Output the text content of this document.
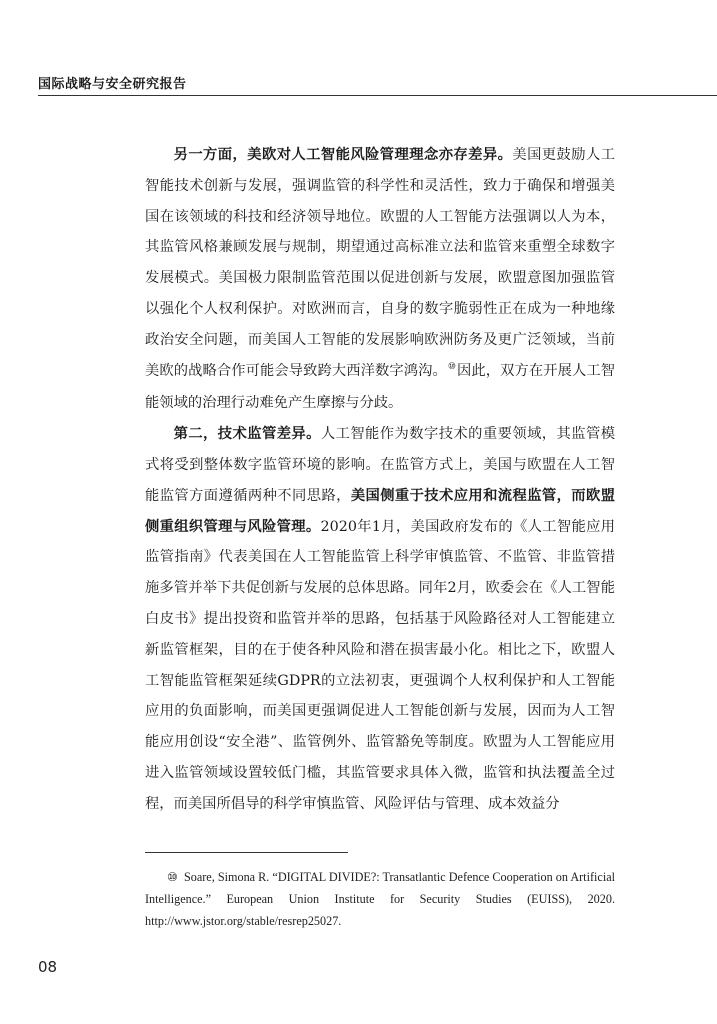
国际战略与安全研究报告

另一方面，美欧对人工智能风险管理理念亦存差异。美国更鼓励人工智能技术创新与发展，强调监管的科学性和灵活性，致力于确保和增强美国在该领域的科技和经济领导地位。欧盟的人工智能方法强调以人为本，其监管风格兼顾发展与规制，期望通过高标准立法和监管来重塑全球数字发展模式。美国极力限制监管范围以促进创新与发展，欧盟意图加强监管以强化个人权利保护。对欧洲而言，自身的数字脆弱性正在成为一种地缘政治安全问题，而美国人工智能的发展影响欧洲防务及更广泛领域，当前美欧的战略合作可能会导致跨大西洋数字鸿沟。⑩因此，双方在开展人工智能领域的治理行动难免产生摩擦与分歧。

第二，技术监管差异。人工智能作为数字技术的重要领域，其监管模式将受到整体数字监管环境的影响。在监管方式上，美国与欧盟在人工智能监管方面遵循两种不同思路，美国侧重于技术应用和流程监管，而欧盟侧重组织管理与风险管理。2020年1月，美国政府发布的《人工智能应用监管指南》代表美国在人工智能监管上科学审慎监管、不监管、非监管措施多管并举下共促创新与发展的总体思路。同年2月，欧委会在《人工智能白皮书》提出投资和监管并举的思路，包括基于风险路径对人工智能建立新监管框架，目的在于使各种风险和潜在损害最小化。相比之下，欧盟人工智能监管框架延续GDPR的立法初衷，更强调个人权利保护和人工智能应用的负面影响，而美国更强调促进人工智能创新与发展，因而为人工智能应用创设“安全港”、监管例外、监管豁免等制度。欧盟为人工智能应用进入监管领域设置较低门槛，其监管要求具体入微，监管和执法覆盖全过程，而美国所倡导的科学审慎监管、风险评估与管理、成本效益分

⑩ Soare, Simona R. “DIGITAL DIVIDE?: Transatlantic Defence Cooperation on Artificial Intelligence.” European Union Institute for Security Studies (EUISS), 2020. http://www.jstor.org/stable/resrep25027.
08
